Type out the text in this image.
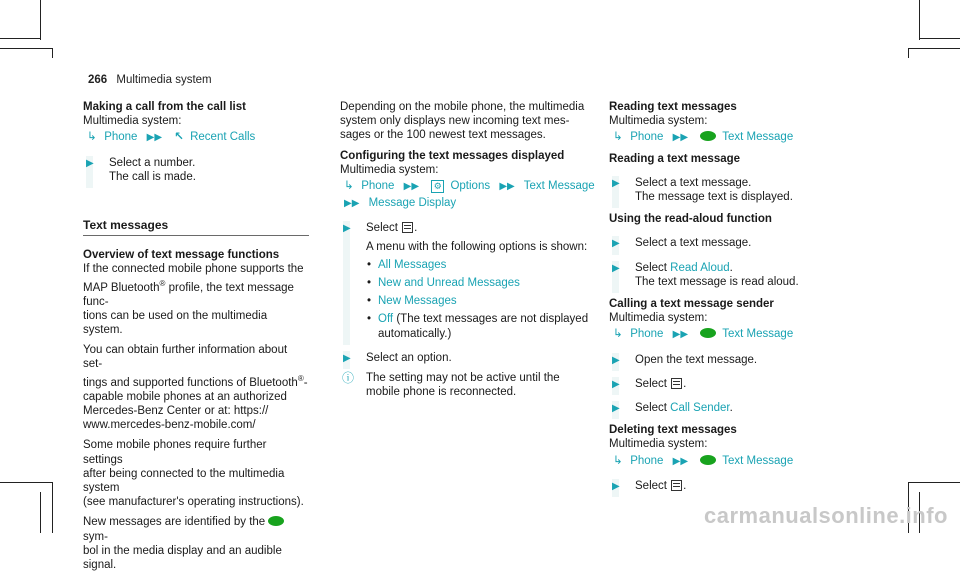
266 Multimedia system
Making a call from the call list
Multimedia system:
↳ Phone ▶▶ ↖ Recent Calls
▶ Select a number.
The call is made.
Text messages
Overview of text message functions
If the connected mobile phone supports the
MAP Bluetooth® profile, the text message func-
tions can be used on the multimedia system.
You can obtain further information about set-
tings and supported functions of Bluetooth®-
capable mobile phones at an authorized
Mercedes-Benz Center or at: https://
www.mercedes-benz-mobile.com/
Some mobile phones require further settings
after being connected to the multimedia system
(see manufacturer's operating instructions).
New messages are identified by thesym-
bol in the media display and an audible signal.
Depending on the mobile phone, the multimedia
system only displays new incoming text mes-
sages or the 100 newest text messages.
Configuring the text messages displayed
Multimedia system:
↳ Phone ▶▶ ⚙ Options ▶▶ Text Message
▶▶ Message Display
▶ Select .
A menu with the following options is shown:
• All Messages
• New and Unread Messages
• New Messages
• Off (The text messages are not displayed
automatically.)
▶ Select an option.
ⓘ The setting may not be active until the
mobile phone is reconnected.
Reading text messages
Multimedia system:
↳ Phone ▶▶	Text Message
Reading a text message
▶ Select a text message.
The message text is displayed.
Using the read-aloud function
▶ Select a text message.
▶ Select Read Aloud.
The text message is read aloud.
Calling a text message sender
Multimedia system:
↳ Phone ▶▶	Text Message
▶ Open the text message.
▶ Select .
▶ Select Call Sender.
Deleting text messages
Multimedia system:
↳ Phone ▶▶	Text Message
▶ Select .
carmanualsonline.info
